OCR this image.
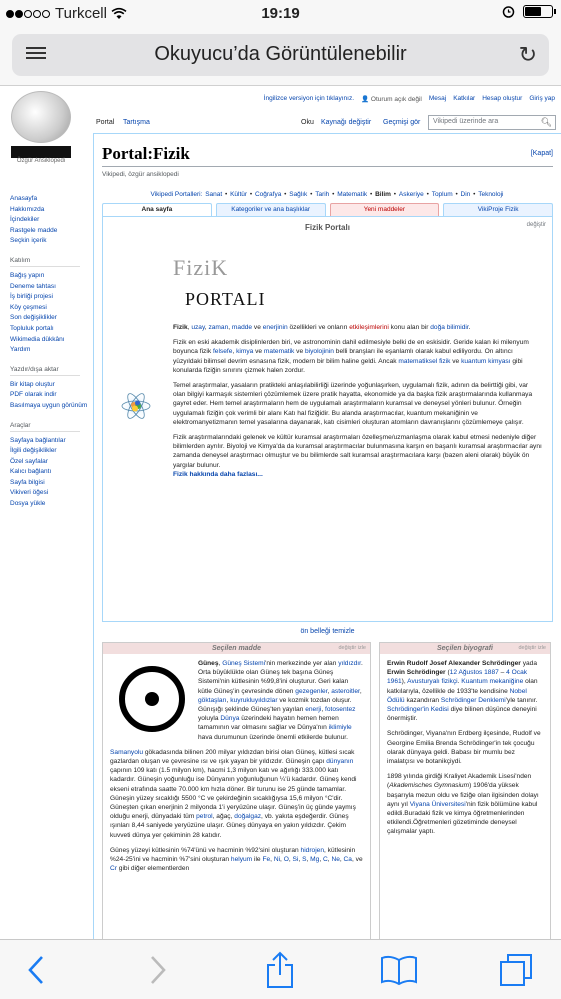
Turkcell	19:19
Okuyucu’da Görüntülenebilir	↻
Özgür Ansiklopedi
İngilizce versiyon için tıklayınız. 👤 Oturum açık değil Mesaj Katkılar Hesap oluştur Giriş yap
Portal Tartışma	Oku Kaynağı değiştir Geçmişi gör	Vikipedi üzerinde ara	🔍︎
Anasayfa
Hakkımızda
İçindekiler
Rastgele madde
Seçkin içerik
Katılım
Bağış yapın
Deneme tahtası
İş birliği projesi
Köy çeşmesi
Son değişiklikler
Topluluk portalı
Wikimedia dükkânı
Yardım
Yazdır/dışa aktar
Bir kitap oluştur
PDF olarak indir
Basılmaya uygun görünüm
Araçlar
Sayfaya bağlantılar
İlgili değişiklikler
Özel sayfalar
Kalıcı bağlantı
Sayfa bilgisi
Vikiveri öğesi
Dosya yükle
Portal:Fizik	[Kapat]
Vikipedi, özgür ansiklopedi
Vikipedi Portalleri: Sanat • Kültür • Coğrafya • Sağlık • Tarih • Matematik • Bilim • Askeriye • Toplum • Din • Teknoloji
Ana sayfa	Kategoriler ve ana başlıklar	Yeni maddeler	VikiProje Fizik
Fizik Portalı	değiştir
FiziK
PORTALI

Fizik, uzay, zaman, madde ve enerjinin özellikleri ve onların etkileşimlerini konu alan bir doğa bilimidir.

Fizik en eski akademik disiplinlerden biri, ve astronominin dahil edilmesiyle belki de en eskisidir. Geride kalan iki milenyum boyunca fizik felsefe, kimya ve matematik ve biyolojinin belli branşları ile eşanlamlı olarak kabul ediliyordu. On altıncı yüzyıldaki bilimsel devrim esnasına fizik, modern bir bilim haline geldi. Ancak matematiksel fizik ve kuantum kimyası gibi konularda fiziğin sınırını çizmek halen zordur.

Temel araştırmalar, yasaların pratikteki anlaşılabilirliği üzerinde yoğunlaşırken, uygulamalı fizik, adının da belirttiği gibi, var olan bilgiyi karmaşık sistemleri çözümlemek üzere pratik hayatta, ekonomide ya da başka fizik araştırmalarında kullanmaya gayret eder. Hem temel araştırmaların hem de uygulamalı araştırmaların kuramsal ve deneysel yönleri bulunur. Örneğin uygulamalı fiziğin çok verimli bir alanı Katı hal fiziğidir. Bu alanda araştırmacılar, kuantum mekaniğinin ve elektromanyetizmanın temel yasalarına dayanarak, katı cisimleri oluşturan atomların davranışlarını çözümlemeye çalışır.

Fizik araştırmalarındaki gelenek ve kültür kuramsal araştırmaları özelleşme/uzmanlaşma olarak kabul etmesi nedeniyle diğer bilimlerden ayrılır. Biyoloji ve Kimya'da da kuramsal araştırmacılar bulunmasına karşın en başarılı kuramsal araştırmacılar aynı zamanda deneysel araştırmacı olmuştur ve bu bilimlerde salt kuramsal araştırmacılara karşı (bazen aleni olarak) büyük ön yargılar bulunur.
Fizik hakkında daha fazlası...

ön belleği temizle
Seçilen madde	değiştir izle

Güneş, Güneş Sistemi'nin merkezinde yer alan yıldızdır. Orta büyüklükte olan Güneş tek başına Güneş Sistemi'nin kütlesinin %99,8'ini oluşturur. Geri kalan kütle Güneş'in çevresinde dönen gezegenler, asteroitler, göktaşları, kuyrukluyıldızlar ve kozmik tozdan oluşur. Günışığı şeklinde Güneş'ten yayılan enerji, fotosentez yoluyla Dünya üzerindeki hayatın hemen hemen tamamının var olmasını sağlar ve Dünya'nın iklimiyle hava durumunun üzerinde önemli etkilerde bulunur.

Samanyolu gökadasında bilinen 200 milyar yıldızdan birisi olan Güneş, kütlesi sıcak gazlardan oluşan ve çevresine ısı ve ışık yayan bir yıldızdır. Güneşin çapı dünyanın çapının 109 katı (1.5 milyon km), hacmi 1,3 milyon katı ve ağırlığı 333.000 katı kadardır. Güneşin yoğunluğu ise Dünyanın yoğunluğunun ¼'ü kadardır. Güneş kendi ekseni etrafında saatte 70.000 km hızla döner. Bir turunu ise 25 günde tamamlar. Güneşin yüzey sıcaklığı 5500 °C ve çekirdeğinin sıcaklığıysa 15,6 milyon °C'dir. Güneşten çıkan enerjinin 2 milyonda 1'i yeryüzüne ulaşır. Güneş'in üç günde yaymış olduğu enerji, dünyadaki tüm petrol, ağaç, doğalgaz, vb. yakıta eşdeğerdir. Güneş ışınları 8,44 saniyede yeryüzüne ulaşır. Güneş dünyaya en yakın yıldızdır. Çekim kuvveti dünya yer çekiminin 28 katıdır.

Güneş yüzeyi kütlesinin %74'ünü ve hacminin %92'sini oluşturan hidrojen, kütlesinin %24-25'ini ve hacminin %7'sini oluşturan helyum ile Fe, Ni, O, Si, S, Mg, C, Ne, Ca, ve Cr gibi diğer elementlerden

Seçilen biyografi	değiştir izle

Erwin Rudolf Josef Alexander Schrödinger yada Erwin Schrödinger (12 Ağustos 1887 – 4 Ocak 1961), Avusturyalı fizikçi. Kuantum mekaniğine olan katkılarıyla, özellikle de 1933'te kendisine Nobel Ödülü kazandıran Schrödinger Denklemi'yle tanınır. Schrödinger'in Kedisi diye bilinen düşünce deneyini önermiştir.

Schrödinger, Viyana'nın Erdberg ilçesinde, Rudolf ve Georgine Emilia Brenda Schrödinger'in tek çocuğu olarak dünyaya geldi. Babası bir mumlu bez imalatçısı ve botanikçiydi.

1898 yılında girdiği Kraliyet Akademik Lisesi'nden (Akademisches Gymnasium) 1906'da yüksek başarıyla mezun oldu ve fiziğe olan ilgisinden dolayı aynı yıl Viyana Üniversitesi'nin fizik bölümüne kabul edildi.Buradaki fizik ve kimya öğretmenlerinden etkilendi.Öğretmenleri gözetiminde deneysel çalışmalar yaptı.
